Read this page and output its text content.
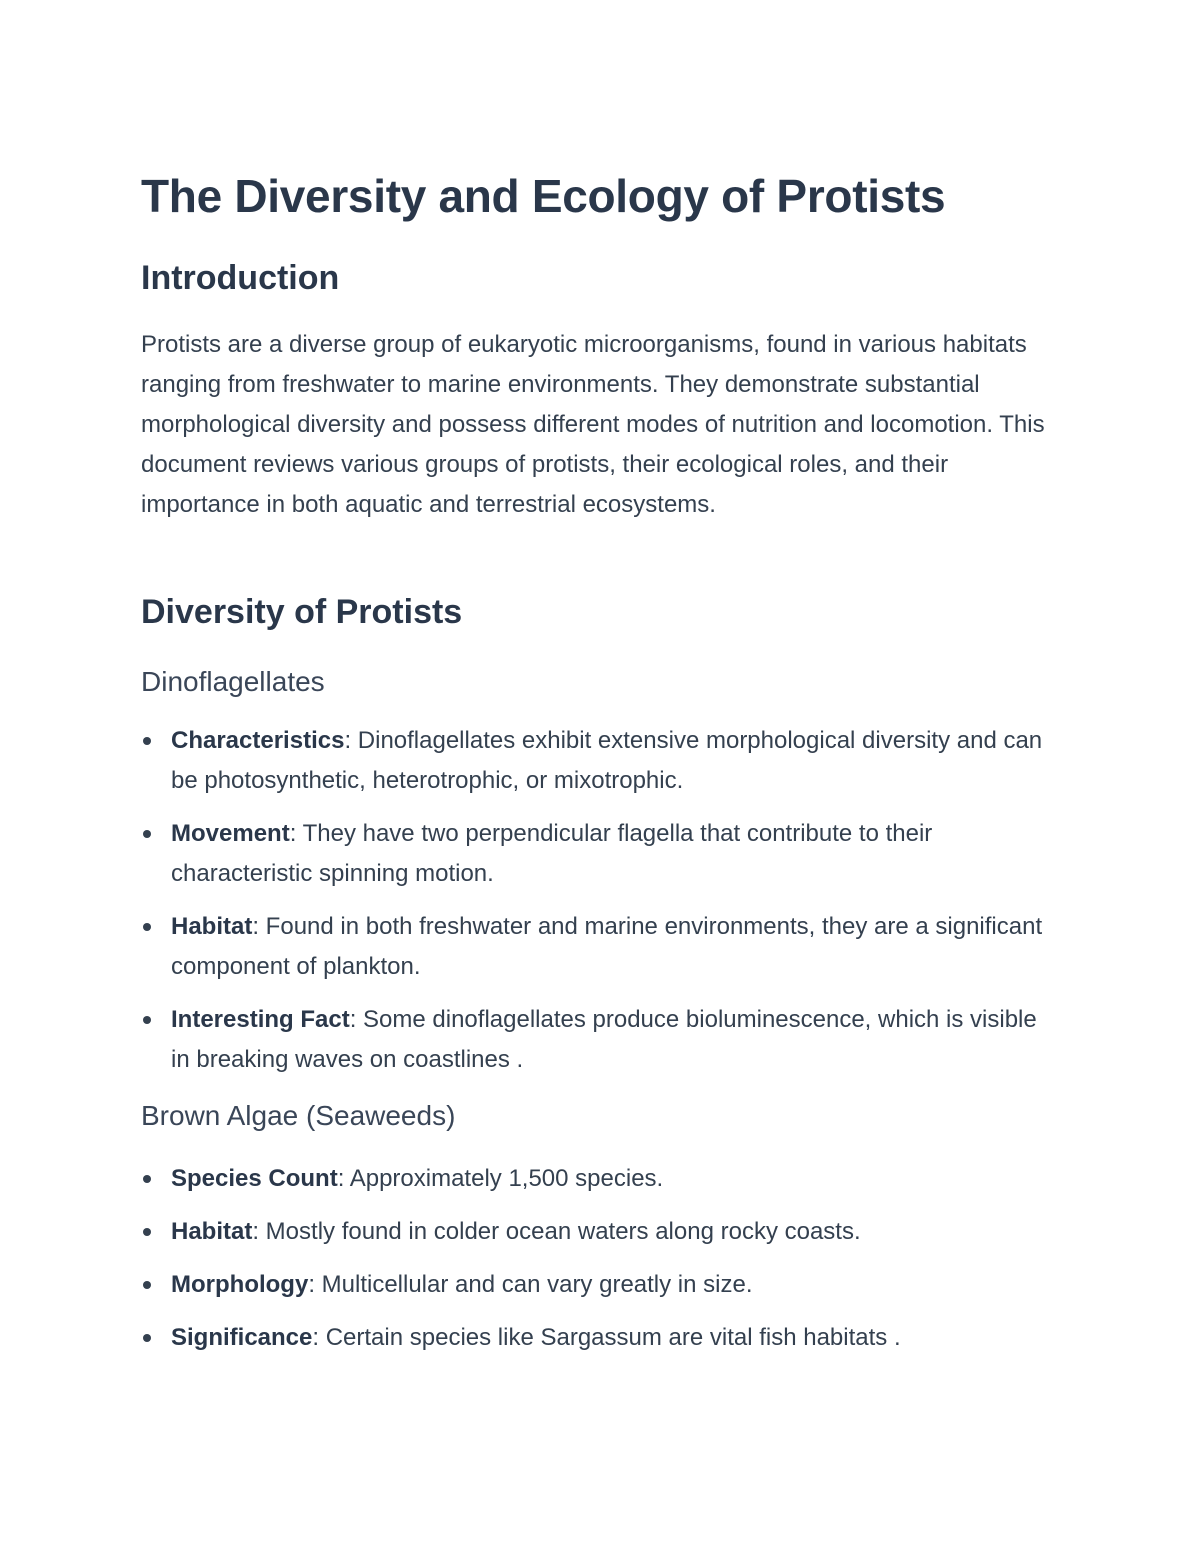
The Diversity and Ecology of Protists
Introduction

Protists are a diverse group of eukaryotic microorganisms, found in various habitats ranging from freshwater to marine environments. They demonstrate substantial morphological diversity and possess different modes of nutrition and locomotion. This document reviews various groups of protists, their ecological roles, and their importance in both aquatic and terrestrial ecosystems.

Diversity of Protists
Dinoflagellates
Characteristics: Dinoflagellates exhibit extensive morphological diversity and can be photosynthetic, heterotrophic, or mixotrophic.
Movement: They have two perpendicular flagella that contribute to their characteristic spinning motion.
Habitat: Found in both freshwater and marine environments, they are a significant component of plankton.
Interesting Fact: Some dinoflagellates produce bioluminescence, which is visible in breaking waves on coastlines .
Brown Algae (Seaweeds)
Species Count: Approximately 1,500 species.
Habitat: Mostly found in colder ocean waters along rocky coasts.
Morphology: Multicellular and can vary greatly in size.
Significance: Certain species like Sargassum are vital fish habitats .
